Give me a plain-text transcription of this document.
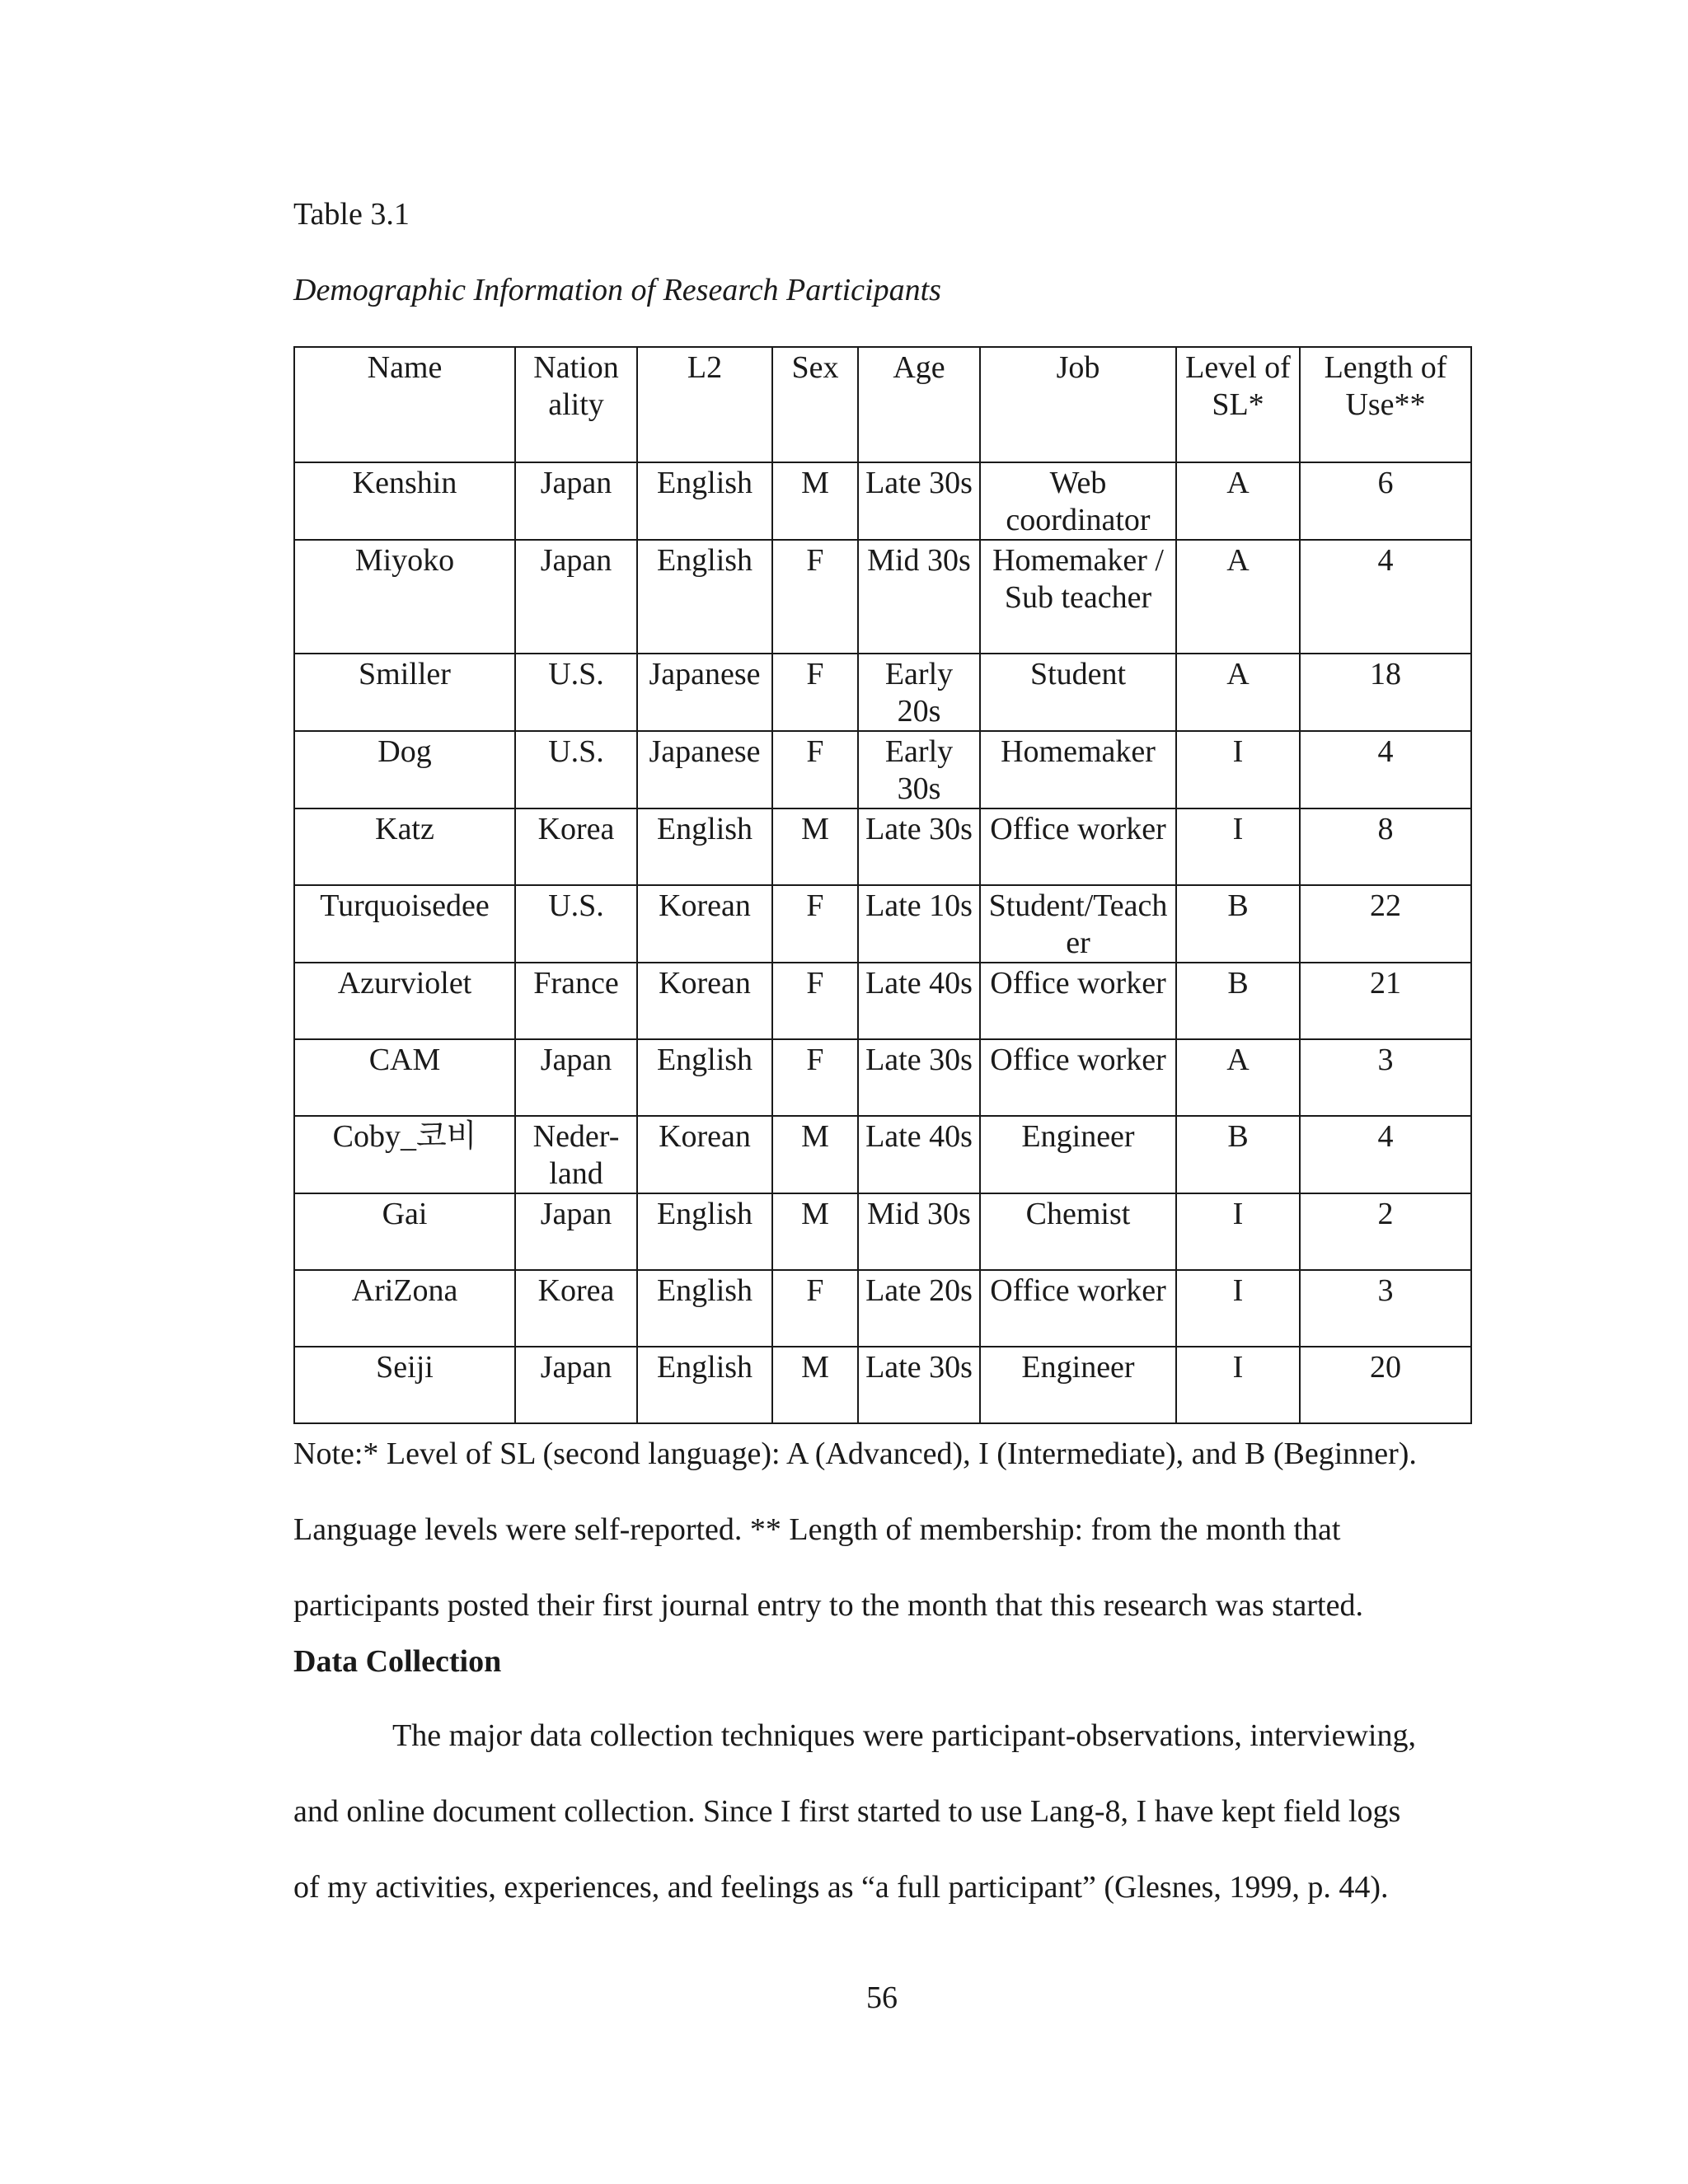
Table 3.1
Demographic Information of Research Participants
Name	Nation ality	L2	Sex	Age	Job	Level of SL*	Length of Use**
Kenshin	Japan	English	M	Late 30s	Web coordinator	A	6
Miyoko	Japan	English	F	Mid 30s	Homemaker / Sub teacher	A	4
Smiller	U.S.	Japanese	F	Early 20s	Student	A	18
Dog	U.S.	Japanese	F	Early 30s	Homemaker	I	4
Katz	Korea	English	M	Late 30s	Office worker	I	8
Turquoisedee	U.S.	Korean	F	Late 10s	Student/Teacher	B	22
Azurviolet	France	Korean	F	Late 40s	Office worker	B	21
CAM	Japan	English	F	Late 30s	Office worker	A	3
Coby_코비	Neder- land	Korean	M	Late 40s	Engineer	B	4
Gai	Japan	English	M	Mid 30s	Chemist	I	2
AriZona	Korea	English	F	Late 20s	Office worker	I	3
Seiji	Japan	English	M	Late 30s	Engineer	I	20

Note:* Level of SL (second language): A (Advanced), I (Intermediate), and B (Beginner).

Language levels were self-reported. ** Length of membership: from the month that

participants posted their first journal entry to the month that this research was started.

Data Collection

The major data collection techniques were participant-observations, interviewing,

and online document collection. Since I first started to use Lang-8, I have kept field logs

of my activities, experiences, and feelings as “a full participant” (Glesnes, 1999, p. 44).

56
